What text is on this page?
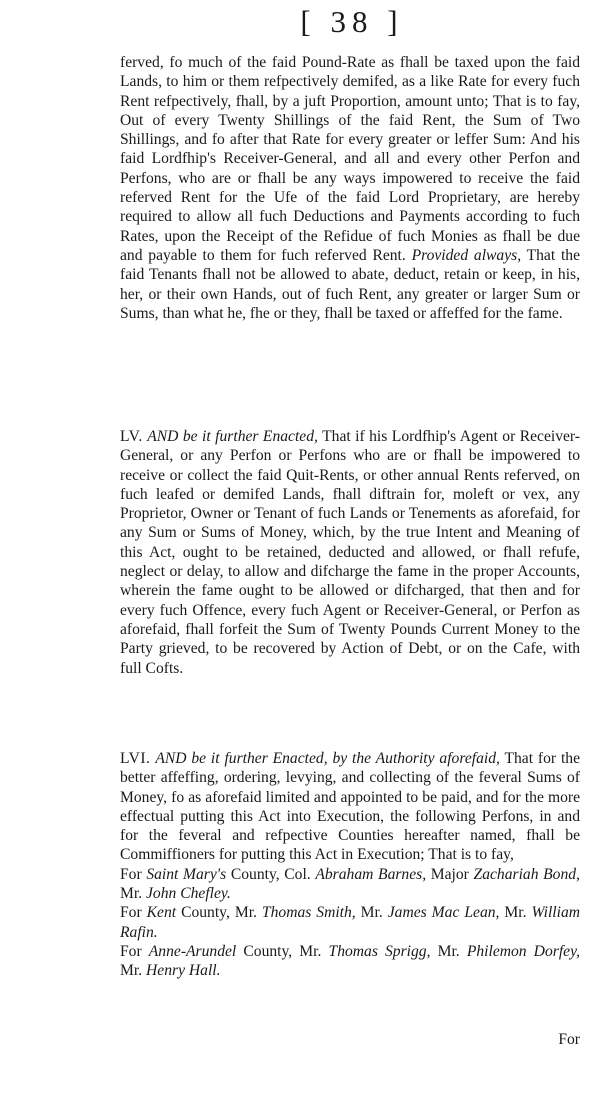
[ 38 ]

ferved, fo much of the faid Pound-Rate as fhall be taxed upon the faid Lands, to him or them refpectively demifed, as a like Rate for every fuch Rent refpectively, fhall, by a juft Proportion, amount unto; That is to fay, Out of every Twenty Shillings of the faid Rent, the Sum of Two Shillings, and fo after that Rate for every greater or leffer Sum: And his faid Lordfhip's Receiver-General, and all and every other Perfon and Perfons, who are or fhall be any ways impowered to receive the faid referved Rent for the Ufe of the faid Lord Proprietary, are hereby required to allow all fuch Deductions and Payments according to fuch Rates, upon the Receipt of the Refidue of fuch Monies as fhall be due and payable to them for fuch referved Rent. Provided always, That the faid Tenants fhall not be allowed to abate, deduct, retain or keep, in his, her, or their own Hands, out of fuch Rent, any greater or larger Sum or Sums, than what he, fhe or they, fhall be taxed or affeffed for the fame.

LV. AND be it further Enacted, That if his Lordfhip's Agent or Receiver-General, or any Perfon or Perfons who are or fhall be impowered to receive or collect the faid Quit-Rents, or other annual Rents referved, on fuch leafed or demifed Lands, fhall diftrain for, moleft or vex, any Proprietor, Owner or Tenant of fuch Lands or Tenements as aforefaid, for any Sum or Sums of Money, which, by the true Intent and Meaning of this Act, ought to be retained, deducted and allowed, or fhall refufe, neglect or delay, to allow and difcharge the fame in the proper Accounts, wherein the fame ought to be allowed or difcharged, that then and for every fuch Offence, every fuch Agent or Receiver-General, or Perfon as aforefaid, fhall forfeit the Sum of Twenty Pounds Current Money to the Party grieved, to be recovered by Action of Debt, or on the Cafe, with full Cofts.

LVI. AND be it further Enacted, by the Authority aforefaid, That for the better affeffing, ordering, levying, and collecting of the feveral Sums of Money, fo as aforefaid limited and appointed to be paid, and for the more effectual putting this Act into Execution, the following Perfons, in and for the feveral and refpective Counties hereafter named, fhall be Commiffioners for putting this Act in Execution; That is to fay,

For Saint Mary's County, Col. Abraham Barnes, Major Zachariah Bond, Mr. John Chefley.

For Kent County, Mr. Thomas Smith, Mr. James Mac Lean, Mr. William Rafin.

For Anne-Arundel County, Mr. Thomas Sprigg, Mr. Philemon Dorfey, Mr. Henry Hall.

For
